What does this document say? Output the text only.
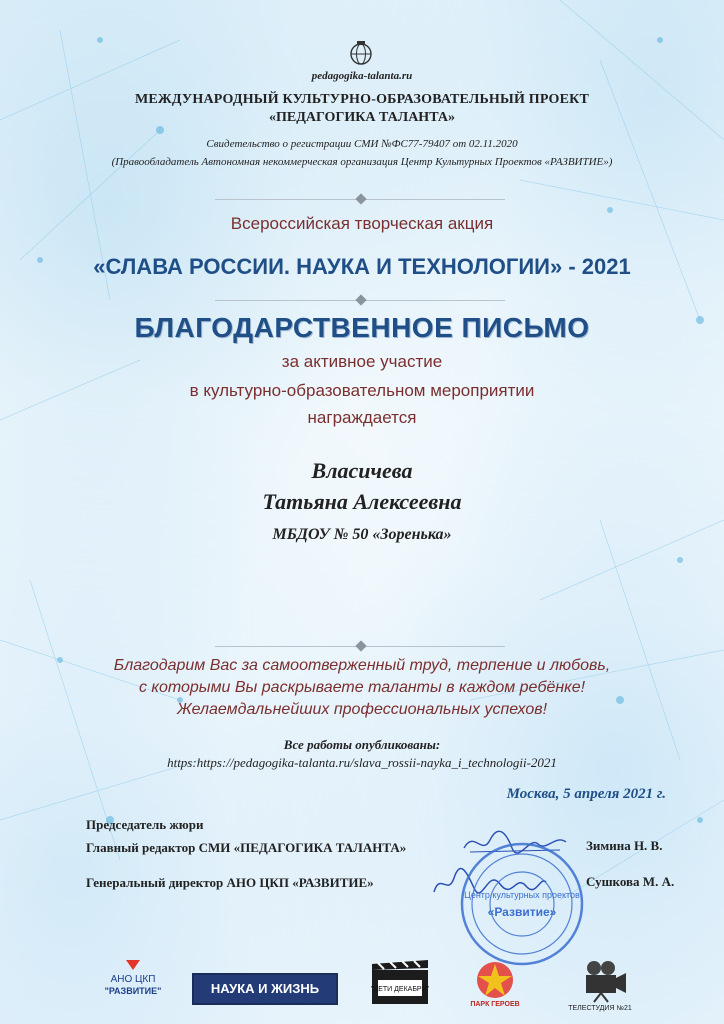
pedagogika-talanta.ru
МЕЖДУНАРОДНЫЙ КУЛЬТУРНО-ОБРАЗОВАТЕЛЬНЫЙ ПРОЕКТ
«ПЕДАГОГИКА ТАЛАНТА»
Свидетельство о регистрации СМИ №ФС77-79407 от 02.11.2020
(Правообладатель Автономная некоммерческая организация Центр Культурных Проектов «РАЗВИТИЕ»)
Всероссийская творческая акция
«СЛАВА РОССИИ. НАУКА И ТЕХНОЛОГИИ» - 2021
БЛАГОДАРСТВЕННОЕ ПИСЬМО
за активное участие
в культурно-образовательном мероприятии
награждается
Власичева
Татьяна Алексеевна
МБДОУ № 50 «Зоренька»
Благодарим Вас за самоотверженный труд, терпение и любовь,
с которыми Вы раскрываете таланты в каждом ребёнке!
Желаемдальнейших профессиональных успехов!
Все работы опубликованы:
https:https://pedagogika-talanta.ru/slava_rossii-nayka_i_technologii-2021
Москва, 5 апреля 2021 г.
Председатель жюри
Главный редактор СМИ «ПЕДАГОГИКА ТАЛАНТА»
Генеральный директор АНО ЦКП «РАЗВИТИЕ»
Зимина Н. В.
Сушкова М. А.
Центр культурных проектов
«Развитие»
АНО ЦКП
"РАЗВИТИЕ"	НАУКА И ЖИЗНЬ	"ДЕТИ ДЕКАБРЯ"
ПАРК ГЕРОЕВ
ТЕЛЕСТУДИЯ №21
